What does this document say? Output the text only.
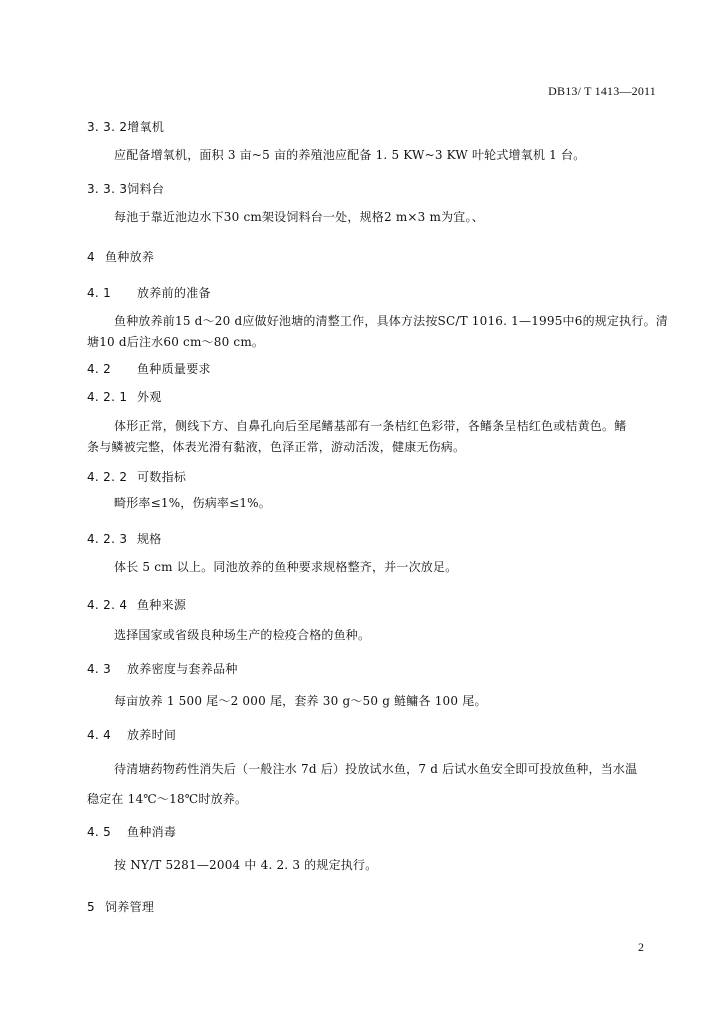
DB13/ T 1413—2011
3. 3. 2增氧机
应配备增氧机，面积 3 亩~5 亩的养殖池应配备 1. 5 KW~3 KW 叶轮式增氧机 1 台。
3. 3. 3饲料台
每池于靠近池边水下30 cm架设饲料台一处，规格2 m×3 m为宜。、
4 鱼种放养
4. 1 放养前的准备
鱼种放养前15 d～20 d应做好池塘的清整工作，具体方法按SC/T 1016. 1—1995中6的规定执行。清
塘10 d后注水60 cm～80 cm。
4. 2 鱼种质量要求
4. 2. 1 外观
体形正常，侧线下方、自鼻孔向后至尾鳍基部有一条桔红色彩带，各鳍条呈桔红色或桔黄色。鳍
条与鳞被完整，体表光滑有黏液，色泽正常，游动活泼，健康无伤病。
4. 2. 2 可数指标
畸形率≤1%，伤病率≤1%。
4. 2. 3 规格
体长 5 cm 以上。同池放养的鱼种要求规格整齐，并一次放足。
4. 2. 4 鱼种来源
选择国家或省级良种场生产的检疫合格的鱼种。
4. 3 放养密度与套养品种
每亩放养 1 500 尾～2 000 尾，套养 30 g～50 g 鲢鳙各 100 尾。
4. 4 放养时间
待清塘药物药性消失后（一般注水 7d 后）投放试水鱼，7 d 后试水鱼安全即可投放鱼种，当水温
稳定在 14℃～18℃时放养。
4. 5 鱼种消毒
按 NY/T 5281—2004 中 4. 2. 3 的规定执行。
5 饲养管理
2
